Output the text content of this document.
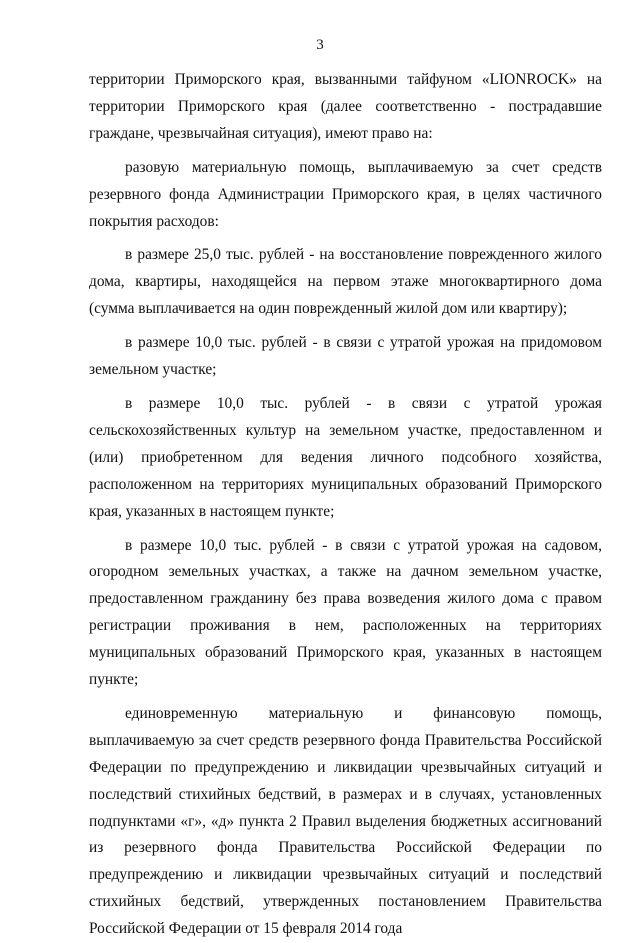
3

территории Приморского края, вызванными тайфуном «LIONROCK» на территории Приморского края (далее соответственно - пострадавшие граждане, чрезвычайная ситуация), имеют право на:

разовую материальную помощь, выплачиваемую за счет средств резервного фонда Администрации Приморского края, в целях частичного покрытия расходов:

в размере 25,0 тыс. рублей - на восстановление поврежденного жилого дома, квартиры, находящейся на первом этаже многоквартирного дома (сумма выплачивается на один поврежденный жилой дом или квартиру);

в размере 10,0 тыс. рублей - в связи с утратой урожая на придомовом земельном участке;

в размере 10,0 тыс. рублей - в связи с утратой урожая сельскохозяйственных культур на земельном участке, предоставленном и (или) приобретенном для ведения личного подсобного хозяйства, расположенном на территориях муниципальных образований Приморского края, указанных в настоящем пункте;

в размере 10,0 тыс. рублей - в связи с утратой урожая на садовом, огородном земельных участках, а также на дачном земельном участке, предоставленном гражданину без права возведения жилого дома с правом регистрации проживания в нем, расположенных на территориях муниципальных образований Приморского края, указанных в настоящем пункте;

единовременную материальную и финансовую помощь, выплачиваемую за счет средств резервного фонда Правительства Российской Федерации по предупреждению и ликвидации чрезвычайных ситуаций и последствий стихийных бедствий, в размерах и в случаях, установленных подпунктами «г», «д» пункта 2 Правил выделения бюджетных ассигнований из резервного фонда Правительства Российской Федерации по предупреждению и ликвидации чрезвычайных ситуаций и последствий стихийных бедствий, утвержденных постановлением Правительства Российской Федерации от 15 февраля 2014 года
